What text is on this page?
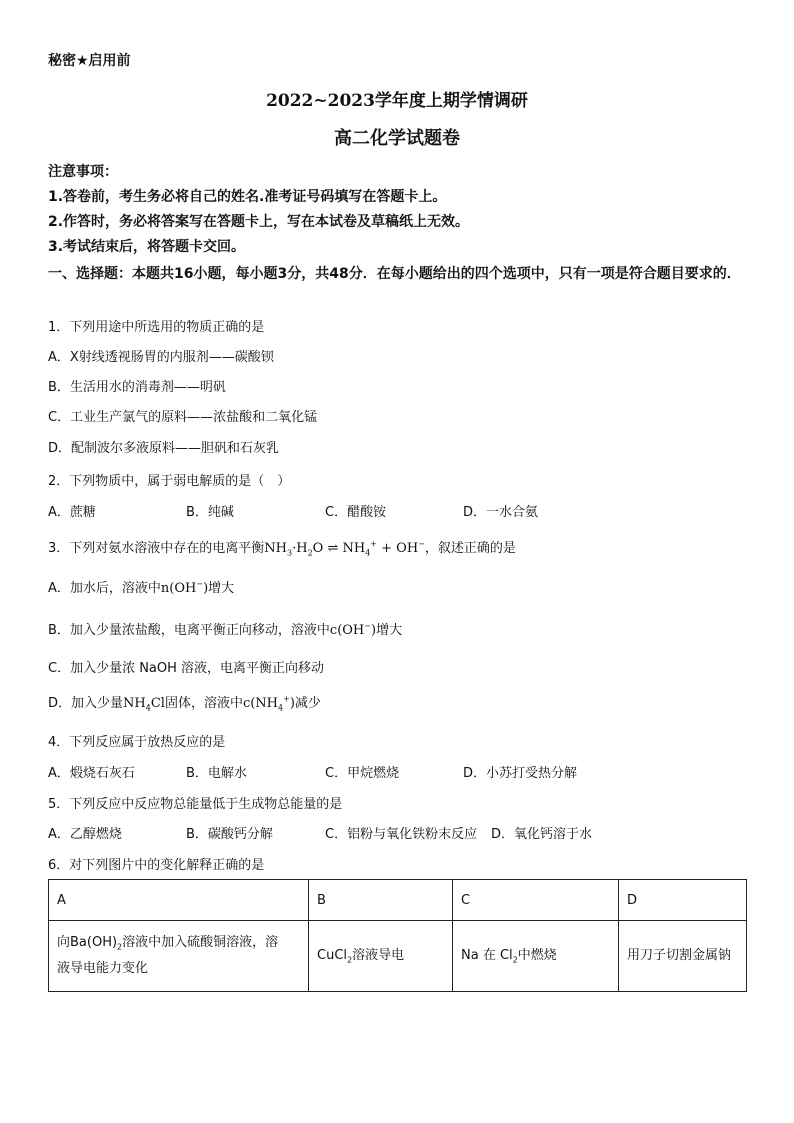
秘密★启用前
2022~2023学年度上期学情调研
高二化学试题卷
注意事项：
1.答卷前，考生务必将自己的姓名.准考证号码填写在答题卡上。
2.作答时，务必将答案写在答题卡上，写在本试卷及草稿纸上无效。
3.考试结束后，将答题卡交回。
一、选择题：本题共16小题，每小题3分，共48分．在每小题给出的四个选项中，只有一项是符合题目要求的．
1．下列用途中所选用的物质正确的是
A．X射线透视肠胃的内服剂——碳酸钡
B．生活用水的消毒剂——明矾
C．工业生产氯气的原料——浓盐酸和二氧化锰
D．配制波尔多液原料——胆矾和石灰乳
2．下列物质中，属于弱电解质的是（　）
A．蔗糖	B．纯碱	C．醋酸铵	D．一水合氨
3．下列对氨水溶液中存在的电离平衡$NH_3\cdot H_2O$ ⇌ $NH_4^+ + OH^-$，叙述正确的是
A．加水后，溶液中n(OH−)增大
B．加入少量浓盐酸，电离平衡正向移动，溶液中c(OH−)增大
C．加入少量浓 NaOH 溶液，电离平衡正向移动
D．加入少量$NH_4Cl$固体，溶液中$c(NH_4^+)$减少
4．下列反应属于放热反应的是
A．煅烧石灰石	B．电解水	C．甲烷燃烧	D．小苏打受热分解
5．下列反应中反应物总能量低于生成物总能量的是
A．乙醇燃烧	B．碳酸钙分解	C．铝粉与氧化铁粉末反应 D．氧化钙溶于水
6．对下列图片中的变化解释正确的是
A	B	C	D
向$Ba(OH)_2$溶液中加入硫酸铜溶液，溶
液导电能力变化	CuCl$_2$溶液导电	Na 在 $Cl_2$中燃烧	用刀子切割金属钠
